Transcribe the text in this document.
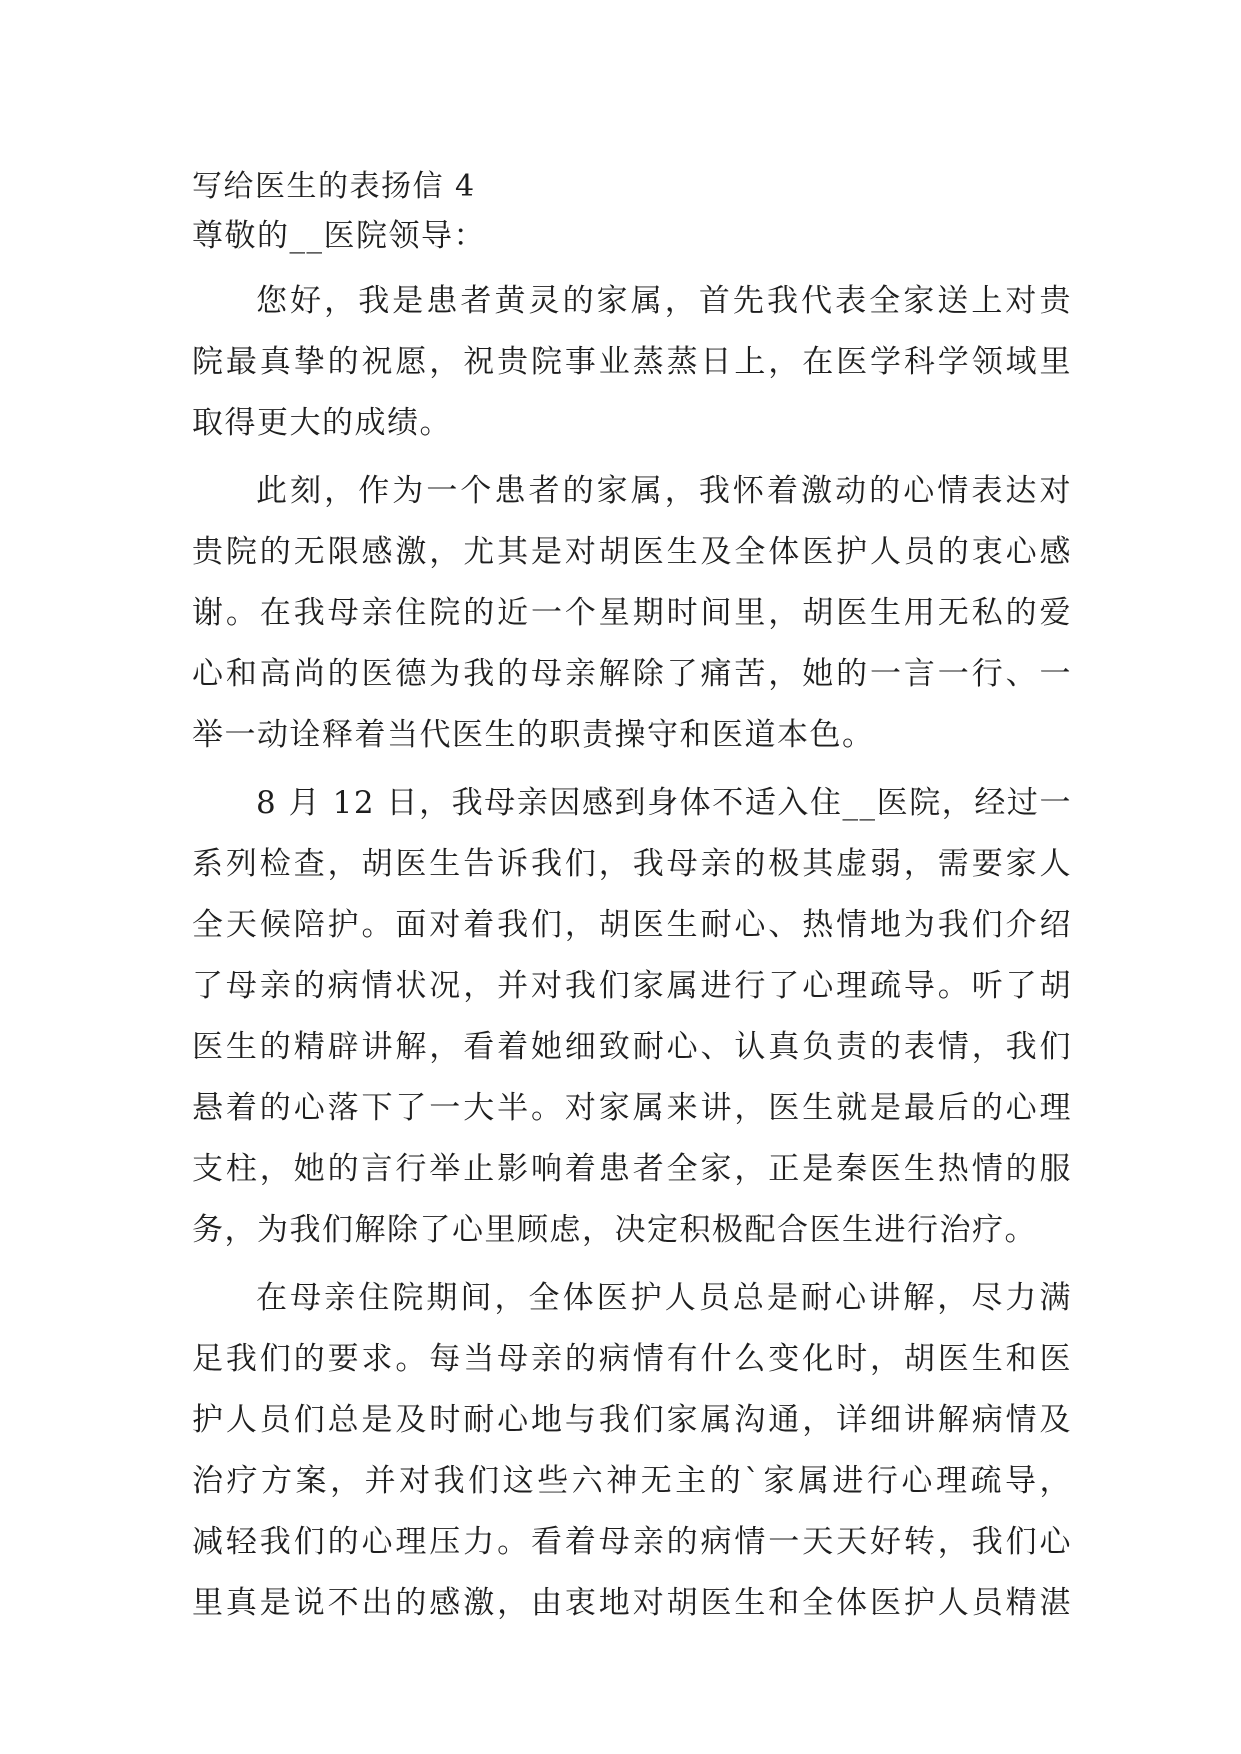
写给医生的表扬信 4
尊敬的__医院领导：
您好，我是患者黄灵的家属，首先我代表全家送上对贵
院最真挚的祝愿，祝贵院事业蒸蒸日上，在医学科学领域里
取得更大的成绩。
此刻，作为一个患者的家属，我怀着激动的心情表达对
贵院的无限感激，尤其是对胡医生及全体医护人员的衷心感
谢。在我母亲住院的近一个星期时间里，胡医生用无私的爱
心和高尚的医德为我的母亲解除了痛苦，她的一言一行、一
举一动诠释着当代医生的职责操守和医道本色。
8 月 12 日，我母亲因感到身体不适入住__医院，经过一
系列检查，胡医生告诉我们，我母亲的极其虚弱，需要家人
全天候陪护。面对着我们，胡医生耐心、热情地为我们介绍
了母亲的病情状况，并对我们家属进行了心理疏导。听了胡
医生的精辟讲解，看着她细致耐心、认真负责的表情，我们
悬着的心落下了一大半。对家属来讲，医生就是最后的心理
支柱，她的言行举止影响着患者全家，正是秦医生热情的服
务，为我们解除了心里顾虑，决定积极配合医生进行治疗。
在母亲住院期间，全体医护人员总是耐心讲解，尽力满
足我们的要求。每当母亲的病情有什么变化时，胡医生和医
护人员们总是及时耐心地与我们家属沟通，详细讲解病情及
治疗方案，并对我们这些六神无主的`家属进行心理疏导，
减轻我们的心理压力。看着母亲的病情一天天好转，我们心
里真是说不出的感激，由衷地对胡医生和全体医护人员精湛
